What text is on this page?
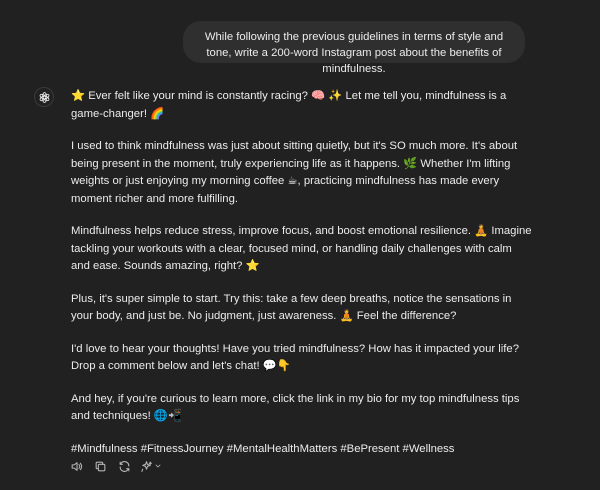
While following the previous guidelines in terms of style and tone, write a 200-word Instagram post about the benefits of mindfulness.

⭐ Ever felt like your mind is constantly racing? 🧠 ✨ Let me tell you, mindfulness is a game-changer! 🌈

I used to think mindfulness was just about sitting quietly, but it's SO much more. It's about being present in the moment, truly experiencing life as it happens. 🌿 Whether I'm lifting weights or just enjoying my morning coffee ☕, practicing mindfulness has made every moment richer and more fulfilling.

Mindfulness helps reduce stress, improve focus, and boost emotional resilience. 🧘 Imagine tackling your workouts with a clear, focused mind, or handling daily challenges with calm and ease. Sounds amazing, right? ⭐

Plus, it's super simple to start. Try this: take a few deep breaths, notice the sensations in your body, and just be. No judgment, just awareness. 🧘 Feel the difference?

I'd love to hear your thoughts! Have you tried mindfulness? How has it impacted your life? Drop a comment below and let's chat! 💬👇

And hey, if you're curious to learn more, click the link in my bio for my top mindfulness tips and techniques! 🌐📲

#Mindfulness #FitnessJourney #MentalHealthMatters #BePresent #Wellness
